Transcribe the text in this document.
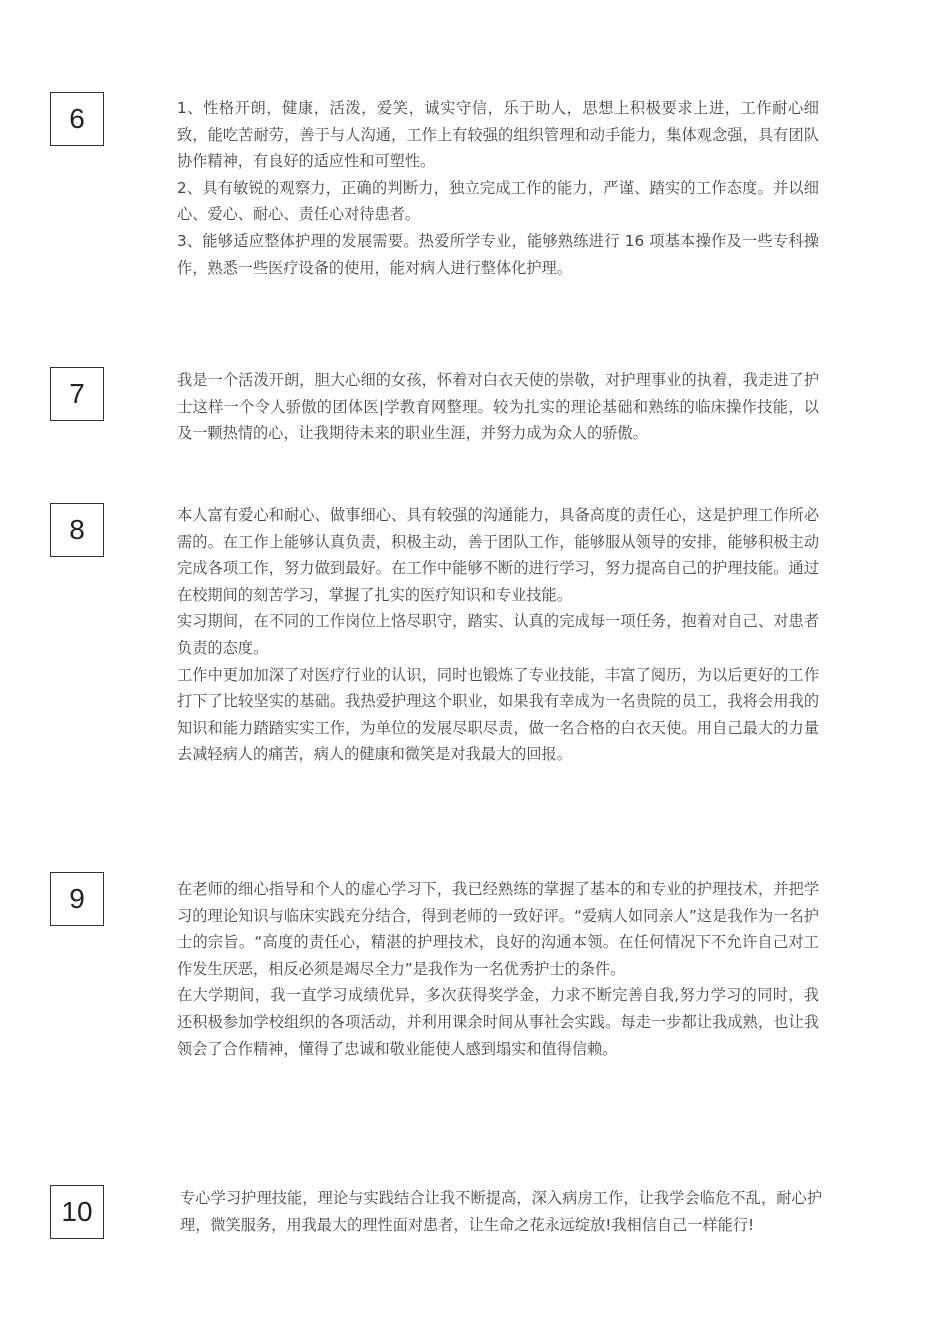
6	1、性格开朗，健康，活泼，爱笑，诚实守信，乐于助人，思想上积极要求上进，工作耐心细致，能吃苦耐劳，善于与人沟通，工作上有较强的组织管理和动手能力，集体观念强，具有团队协作精神，有良好的适应性和可塑性。

2、具有敏锐的观察力，正确的判断力，独立完成工作的能力，严谨、踏实的工作态度。并以细心、爱心、耐心、责任心对待患者。

3、能够适应整体护理的发展需要。热爱所学专业，能够熟练进行 16 项基本操作及一些专科操作，熟悉一些医疗设备的使用，能对病人进行整体化护理。

7	我是一个活泼开朗，胆大心细的女孩，怀着对白衣天使的崇敬，对护理事业的执着，我走进了护士这样一个令人骄傲的团体医|学教育网整理。较为扎实的理论基础和熟练的临床操作技能，以及一颗热情的心，让我期待未来的职业生涯，并努力成为众人的骄傲。

8	本人富有爱心和耐心、做事细心、具有较强的沟通能力，具备高度的责任心，这是护理工作所必需的。在工作上能够认真负责，积极主动，善于团队工作，能够服从领导的安排，能够积极主动完成各项工作，努力做到最好。在工作中能够不断的进行学习，努力提高自己的护理技能。通过在校期间的刻苦学习，掌握了扎实的医疗知识和专业技能。

实习期间，在不同的工作岗位上恪尽职守，踏实、认真的完成每一项任务，抱着对自己、对患者负责的态度。

工作中更加加深了对医疗行业的认识，同时也锻炼了专业技能，丰富了阅历，为以后更好的工作打下了比较坚实的基础。我热爱护理这个职业，如果我有幸成为一名贵院的员工，我将会用我的知识和能力踏踏实实工作，为单位的发展尽职尽责，做一名合格的白衣天使。用自己最大的力量去减轻病人的痛苦，病人的健康和微笑是对我最大的回报。

9	在老师的细心指导和个人的虚心学习下，我已经熟练的掌握了基本的和专业的护理技术，并把学习的理论知识与临床实践充分结合，得到老师的一致好评。“爱病人如同亲人”这是我作为一名护士的宗旨。“高度的责任心，精湛的护理技术，良好的沟通本领。在任何情况下不允许自己对工作发生厌恶，相反必须是竭尽全力”是我作为一名优秀护士的条件。

在大学期间，我一直学习成绩优异，多次获得奖学金，力求不断完善自我,努力学习的同时，我还积极参加学校组织的各项活动，并利用课余时间从事社会实践。每走一步都让我成熟，也让我领会了合作精神，懂得了忠诚和敬业能使人感到塌实和值得信赖。

10	专心学习护理技能，理论与实践结合让我不断提高，深入病房工作，让我学会临危不乱，耐心护理，微笑服务，用我最大的理性面对患者，让生命之花永远绽放!我相信自己一样能行!
